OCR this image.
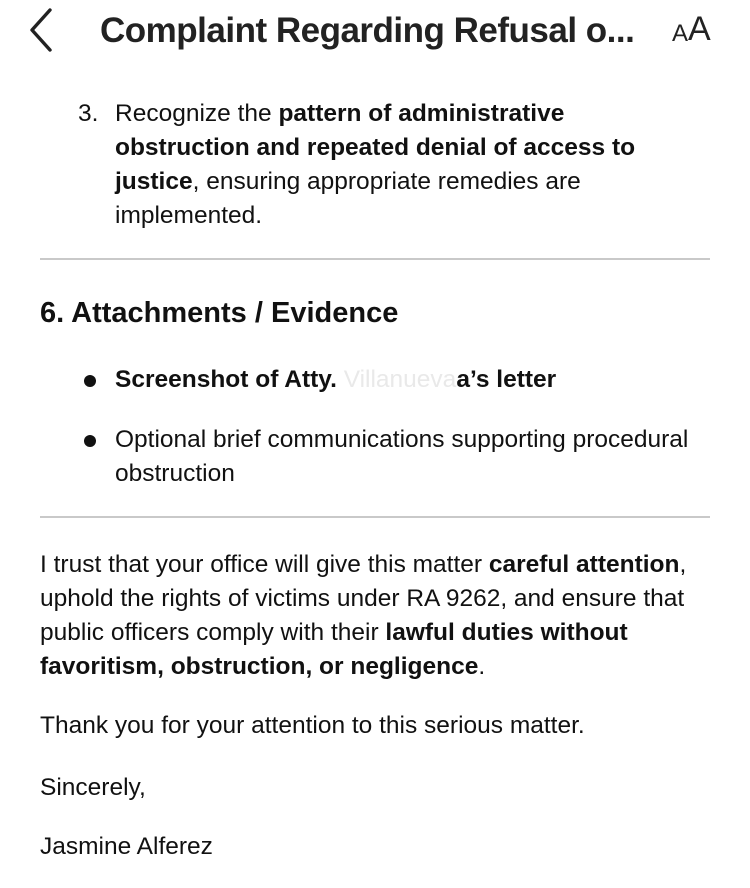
Complaint Regarding Refusal o...	A A
3. Recognize the pattern of administrative obstruction and repeated denial of access to justice, ensuring appropriate remedies are implemented.
6. Attachments / Evidence
Screenshot of Atty. Villanuevaa’s letter
Optional brief communications supporting procedural obstruction
I trust that your office will give this matter careful attention, uphold the rights of victims under RA 9262, and ensure that public officers comply with their lawful duties without favoritism, obstruction, or negligence.
Thank you for your attention to this serious matter.
Sincerely,
Jasmine Alferez
